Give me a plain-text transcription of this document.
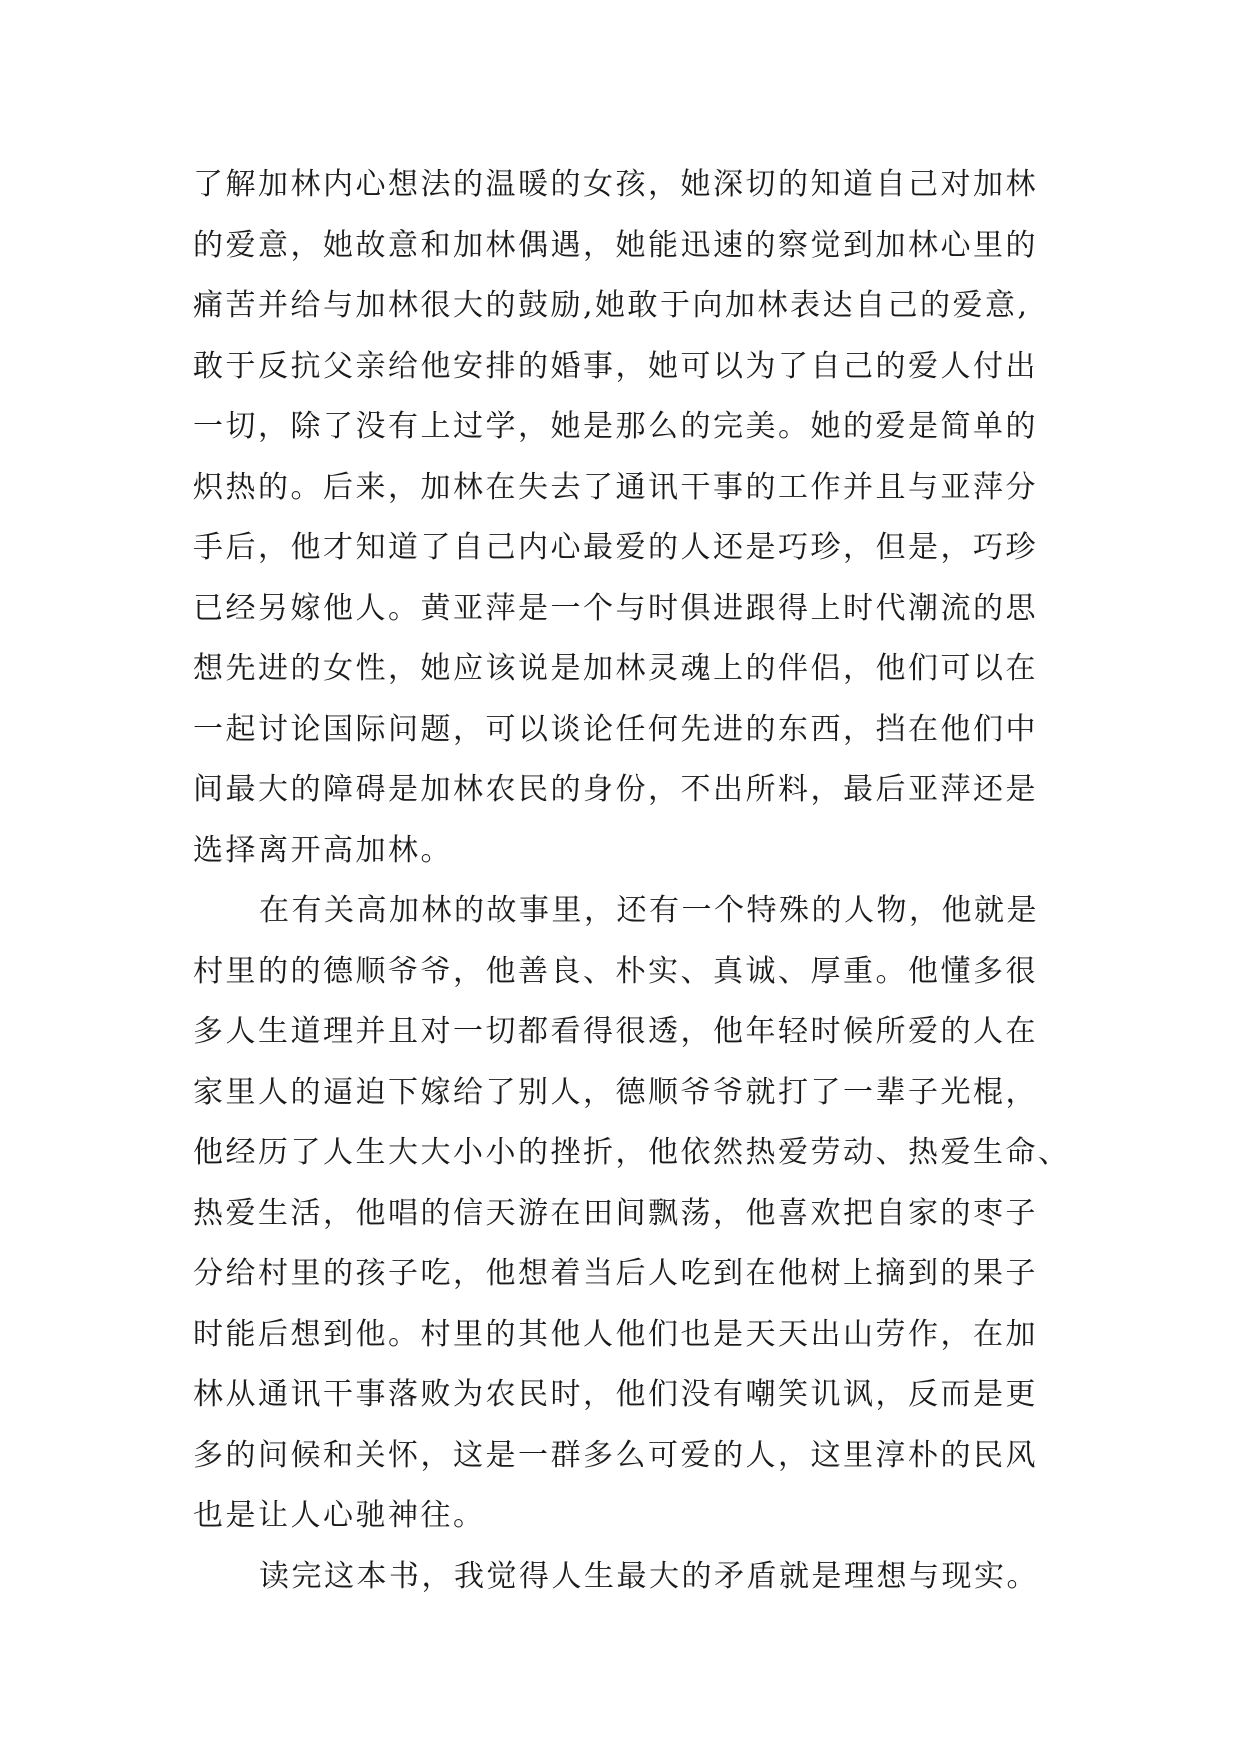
了解加林内心想法的温暖的女孩，她深切的知道自己对加林
的爱意，她故意和加林偶遇，她能迅速的察觉到加林心里的
痛苦并给与加林很大的鼓励,她敢于向加林表达自己的爱意,
敢于反抗父亲给他安排的婚事，她可以为了自己的爱人付出
一切，除了没有上过学，她是那么的完美。她的爱是简单的
炽热的。后来，加林在失去了通讯干事的工作并且与亚萍分
手后，他才知道了自己内心最爱的人还是巧珍，但是，巧珍
已经另嫁他人。黄亚萍是一个与时俱进跟得上时代潮流的思
想先进的女性，她应该说是加林灵魂上的伴侣，他们可以在
一起讨论国际问题，可以谈论任何先进的东西，挡在他们中
间最大的障碍是加林农民的身份，不出所料，最后亚萍还是
选择离开高加林。
在有关高加林的故事里，还有一个特殊的人物，他就是
村里的的德顺爷爷，他善良、朴实、真诚、厚重。他懂多很
多人生道理并且对一切都看得很透，他年轻时候所爱的人在
家里人的逼迫下嫁给了别人，德顺爷爷就打了一辈子光棍，
他经历了人生大大小小的挫折，他依然热爱劳动、热爱生命、
热爱生活，他唱的信天游在田间飘荡，他喜欢把自家的枣子
分给村里的孩子吃，他想着当后人吃到在他树上摘到的果子
时能后想到他。村里的其他人他们也是天天出山劳作，在加
林从通讯干事落败为农民时，他们没有嘲笑讥讽，反而是更
多的问候和关怀，这是一群多么可爱的人，这里淳朴的民风
也是让人心驰神往。
读完这本书，我觉得人生最大的矛盾就是理想与现实。
